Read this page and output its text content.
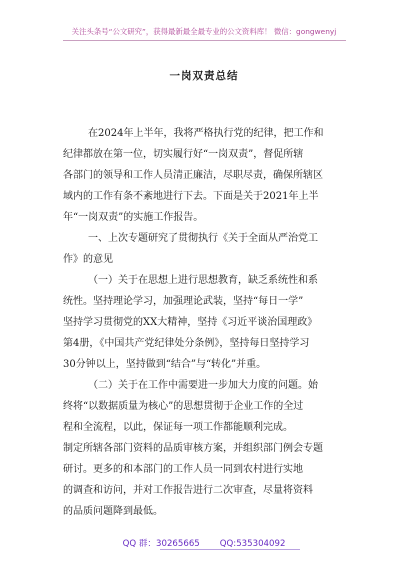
关注头条号“公文研究”，获得最新最全最专业的公文资料库！ 微信：gongwenyj
一岗双责总结
在2024年上半年，我将严格执行党的纪律，把工作和
纪律都放在第一位，切实履行好“一岗双责”，督促所辖
各部门的领导和工作人员清正廉洁，尽职尽责，确保所辖区
域内的工作有条不紊地进行下去。下面是关于2021年上半
年“一岗双责”的实施工作报告。
一、上次专题研究了贯彻执行《关于全面从严治党工
作》的意见
（一）关于在思想上进行思想教育，缺乏系统性和系
统性。坚持理论学习，加强理论武装，坚持“每日一学”
坚持学习贯彻党的XX大精神，坚持《习近平谈治国理政》
第4册，《中国共产党纪律处分条例》，坚持每日坚持学习
30分钟以上，坚持做到“结合”与“转化”并重。
（二）关于在工作中需要进一步加大力度的问题。始
终将“以数据质量为核心”的思想贯彻于企业工作的全过
程和全流程，以此，保证每一项工作都能顺利完成。
制定所辖各部门资料的品质审核方案，并组织部门例会专题
研讨。更多的和本部门的工作人员一同到农村进行实地
的调查和访问，并对工作报告进行二次审查，尽量将资料
的品质问题降到最低。
QQ 群：30265665 QQ:535304092
